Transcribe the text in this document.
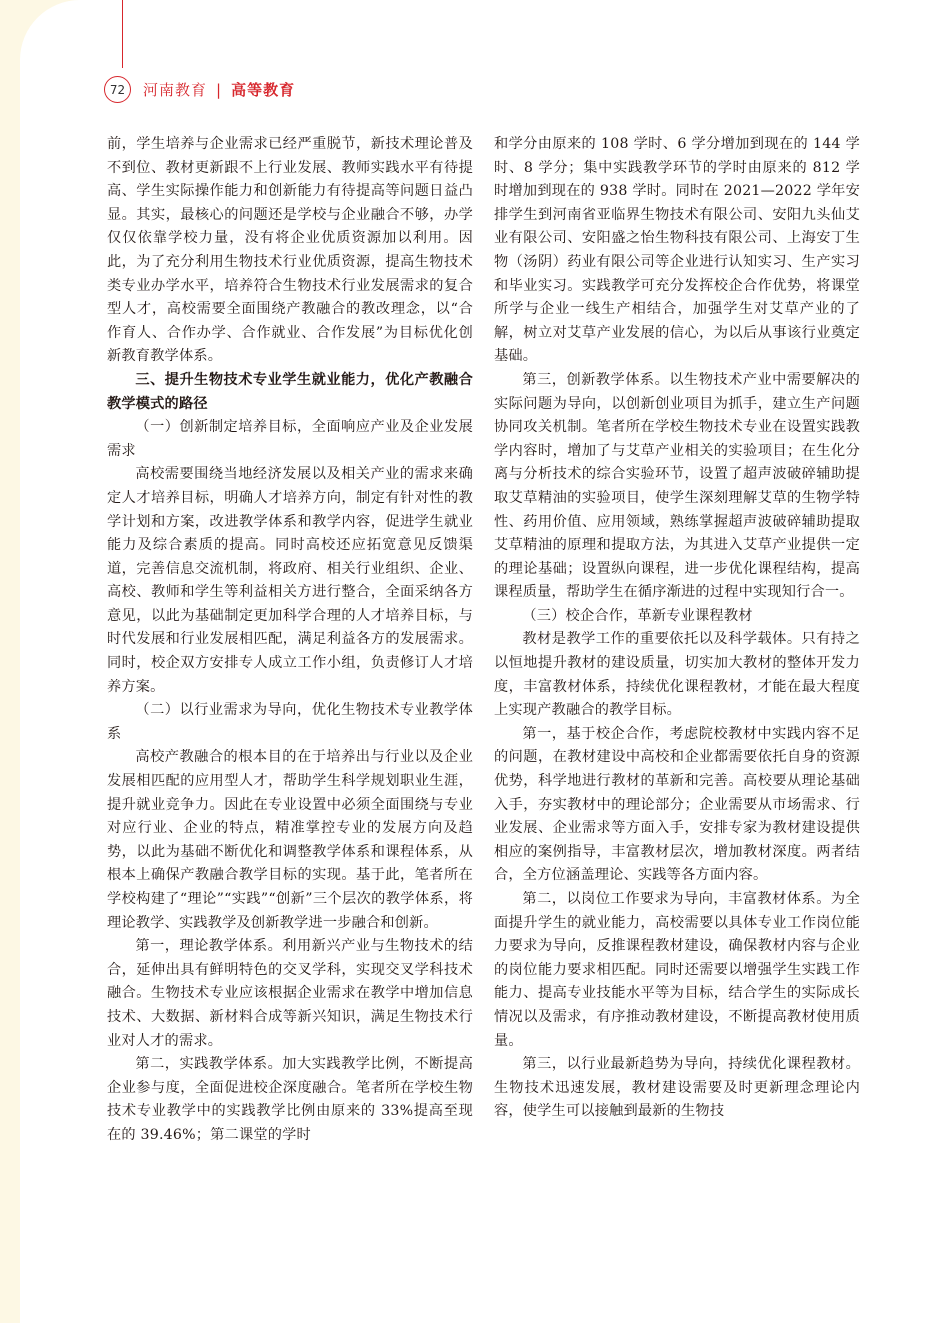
72	河南教育 | 高等教育

前，学生培养与企业需求已经严重脱节，新技术理论普及不到位、教材更新跟不上行业发展、教师实践水平有待提高、学生实际操作能力和创新能力有待提高等问题日益凸显。其实，最核心的问题还是学校与企业融合不够，办学仅仅依靠学校力量，没有将企业优质资源加以利用。因此，为了充分利用生物技术行业优质资源，提高生物技术类专业办学水平，培养符合生物技术行业发展需求的复合型人才，高校需要全面围绕产教融合的教改理念，以“合作育人、合作办学、合作就业、合作发展”为目标优化创新教育教学体系。

三、提升生物技术专业学生就业能力，优化产教融合教学模式的路径

（一）创新制定培养目标，全面响应产业及企业发展需求

高校需要围绕当地经济发展以及相关产业的需求来确定人才培养目标，明确人才培养方向，制定有针对性的教学计划和方案，改进教学体系和教学内容，促进学生就业能力及综合素质的提高。同时高校还应拓宽意见反馈渠道，完善信息交流机制，将政府、相关行业组织、企业、高校、教师和学生等利益相关方进行整合，全面采纳各方意见，以此为基础制定更加科学合理的人才培养目标，与时代发展和行业发展相匹配，满足利益各方的发展需求。同时，校企双方安排专人成立工作小组，负责修订人才培养方案。

（二）以行业需求为导向，优化生物技术专业教学体系

高校产教融合的根本目的在于培养出与行业以及企业发展相匹配的应用型人才，帮助学生科学规划职业生涯，提升就业竞争力。因此在专业设置中必须全面围绕与专业对应行业、企业的特点，精准掌控专业的发展方向及趋势，以此为基础不断优化和调整教学体系和课程体系，从根本上确保产教融合教学目标的实现。基于此，笔者所在学校构建了“理论”“实践”“创新”三个层次的教学体系，将理论教学、实践教学及创新教学进一步融合和创新。

第一，理论教学体系。利用新兴产业与生物技术的结合，延伸出具有鲜明特色的交叉学科，实现交叉学科技术融合。生物技术专业应该根据企业需求在教学中增加信息技术、大数据、新材料合成等新兴知识，满足生物技术行业对人才的需求。

第二，实践教学体系。加大实践教学比例，不断提高企业参与度，全面促进校企深度融合。笔者所在学校生物技术专业教学中的实践教学比例由原来的 33%提高至现在的 39.46%；第二课堂的学时

和学分由原来的 108 学时、6 学分增加到现在的 144 学时、8 学分；集中实践教学环节的学时由原来的 812 学时增加到现在的 938 学时。同时在 2021—2022 学年安排学生到河南省亚临界生物技术有限公司、安阳九头仙艾业有限公司、安阳盛之怡生物科技有限公司、上海安丁生物（汤阴）药业有限公司等企业进行认知实习、生产实习和毕业实习。实践教学可充分发挥校企合作优势，将课堂所学与企业一线生产相结合，加强学生对艾草产业的了解，树立对艾草产业发展的信心，为以后从事该行业奠定基础。

第三，创新教学体系。以生物技术产业中需要解决的实际问题为导向，以创新创业项目为抓手，建立生产问题协同攻关机制。笔者所在学校生物技术专业在设置实践教学内容时，增加了与艾草产业相关的实验项目；在生化分离与分析技术的综合实验环节，设置了超声波破碎辅助提取艾草精油的实验项目，使学生深刻理解艾草的生物学特性、药用价值、应用领域，熟练掌握超声波破碎辅助提取艾草精油的原理和提取方法，为其进入艾草产业提供一定的理论基础；设置纵向课程，进一步优化课程结构，提高课程质量，帮助学生在循序渐进的过程中实现知行合一。

（三）校企合作，革新专业课程教材

教材是教学工作的重要依托以及科学载体。只有持之以恒地提升教材的建设质量，切实加大教材的整体开发力度，丰富教材体系，持续优化课程教材，才能在最大程度上实现产教融合的教学目标。

第一，基于校企合作，考虑院校教材中实践内容不足的问题，在教材建设中高校和企业都需要依托自身的资源优势，科学地进行教材的革新和完善。高校要从理论基础入手，夯实教材中的理论部分；企业需要从市场需求、行业发展、企业需求等方面入手，安排专家为教材建设提供相应的案例指导，丰富教材层次，增加教材深度。两者结合，全方位涵盖理论、实践等各方面内容。

第二，以岗位工作要求为导向，丰富教材体系。为全面提升学生的就业能力，高校需要以具体专业工作岗位能力要求为导向，反推课程教材建设，确保教材内容与企业的岗位能力要求相匹配。同时还需要以增强学生实践工作能力、提高专业技能水平等为目标，结合学生的实际成长情况以及需求，有序推动教材建设，不断提高教材使用质量。

第三，以行业最新趋势为导向，持续优化课程教材。生物技术迅速发展，教材建设需要及时更新理念理论内容，使学生可以接触到最新的生物技
